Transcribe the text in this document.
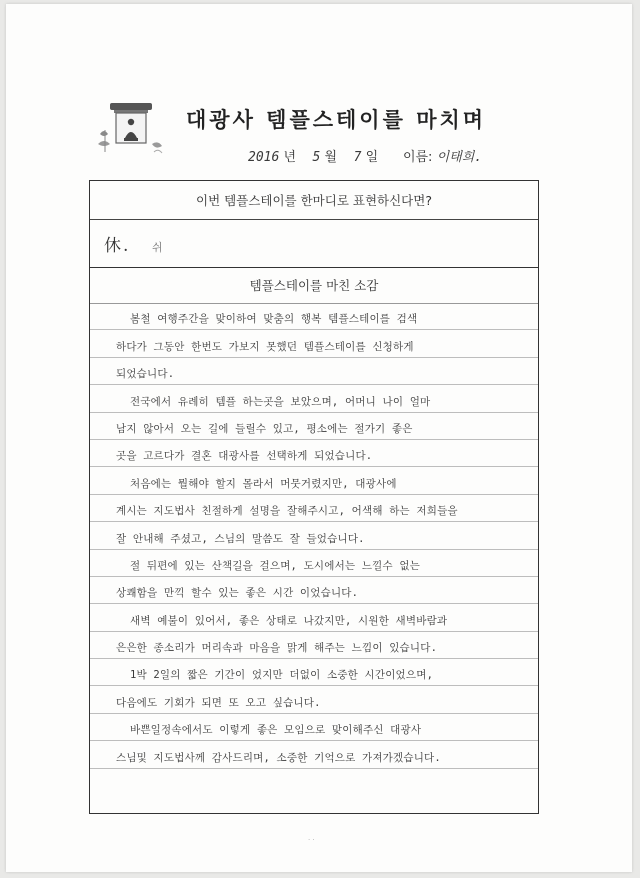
대광사 템플스테이를 마치며
2016 년 5 월 7 일 이름: 이태희.
이번 템플스테이를 한마디로 표현하신다면?
休. 쉬
템플스테이를 마친 소감
봄철 여행주간을 맞이하여 맞춤의 행복 템플스테이를 검색
하다가 그동안 한번도 가보지 못했던 템플스테이를 신청하게
되었습니다.
전국에서 유례히 템플 하는곳을 보았으며, 어머니 나이 얼마
남지 않아서 오는 길에 들릴수 있고, 평소에는 절가기 좋은
곳을 고르다가 결혼 대광사를 선택하게 되었습니다.
처음에는 뭘해야 할지 몰라서 머뭇거렸지만, 대광사에
계시는 지도법사 친절하게 설명을 잘해주시고, 어색해 하는 저희들을
잘 안내해 주셨고, 스님의 말씀도 잘 들었습니다.
절 뒤편에 있는 산책길을 걸으며, 도시에서는 느낄수 없는
상쾌함을 만끽 할수 있는 좋은 시간 이었습니다.
새벽 예불이 있어서, 좋은 상태로 나갔지만, 시원한 새벽바람과
은은한 종소리가 머리속과 마음을 맑게 해주는 느낌이 있습니다.
1박 2일의 짧은 기간이 었지만 더없이 소중한 시간이었으며,
다음에도 기회가 되면 또 오고 싶습니다.
바쁜일정속에서도 이렇게 좋은 모임으로 맞이해주신 대광사
스님및 지도법사께 감사드리며, 소중한 기억으로 가져가겠습니다.
· ·
